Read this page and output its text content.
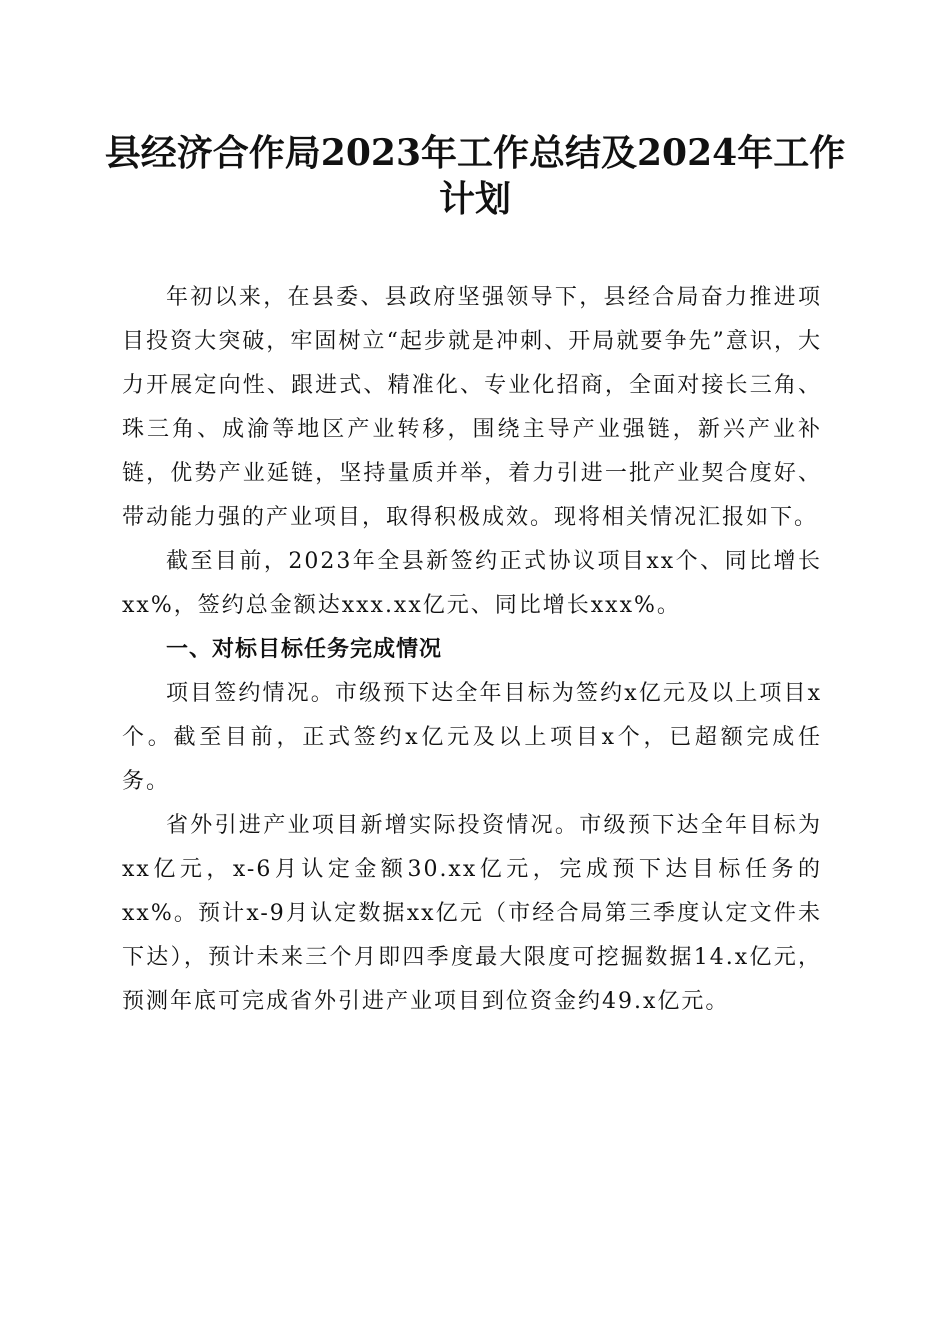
县经济合作局2023年工作总结及2024年工作
计划

年初以来，在县委、县政府坚强领导下，县经合局奋力推进项目投资大突破，牢固树立“起步就是冲刺、开局就要争先”意识，大力开展定向性、跟进式、精准化、专业化招商，全面对接长三角、珠三角、成渝等地区产业转移，围绕主导产业强链，新兴产业补链，优势产业延链，坚持量质并举，着力引进一批产业契合度好、带动能力强的产业项目，取得积极成效。现将相关情况汇报如下。

截至目前，2023年全县新签约正式协议项目xx个、同比增长xx%，签约总金额达xxx.xx亿元、同比增长xxx%。

一、对标目标任务完成情况

项目签约情况。市级预下达全年目标为签约x亿元及以上项目x个。截至目前，正式签约x亿元及以上项目x个，已超额完成任务。

省外引进产业项目新增实际投资情况。市级预下达全年目标为xx亿元，x-6月认定金额30.xx亿元，完成预下达目标任务的xx%。预计x-9月认定数据xx亿元（市经合局第三季度认定文件未下达），预计未来三个月即四季度最大限度可挖掘数据14.x亿元，预测年底可完成省外引进产业项目到位资金约49.x亿元。
